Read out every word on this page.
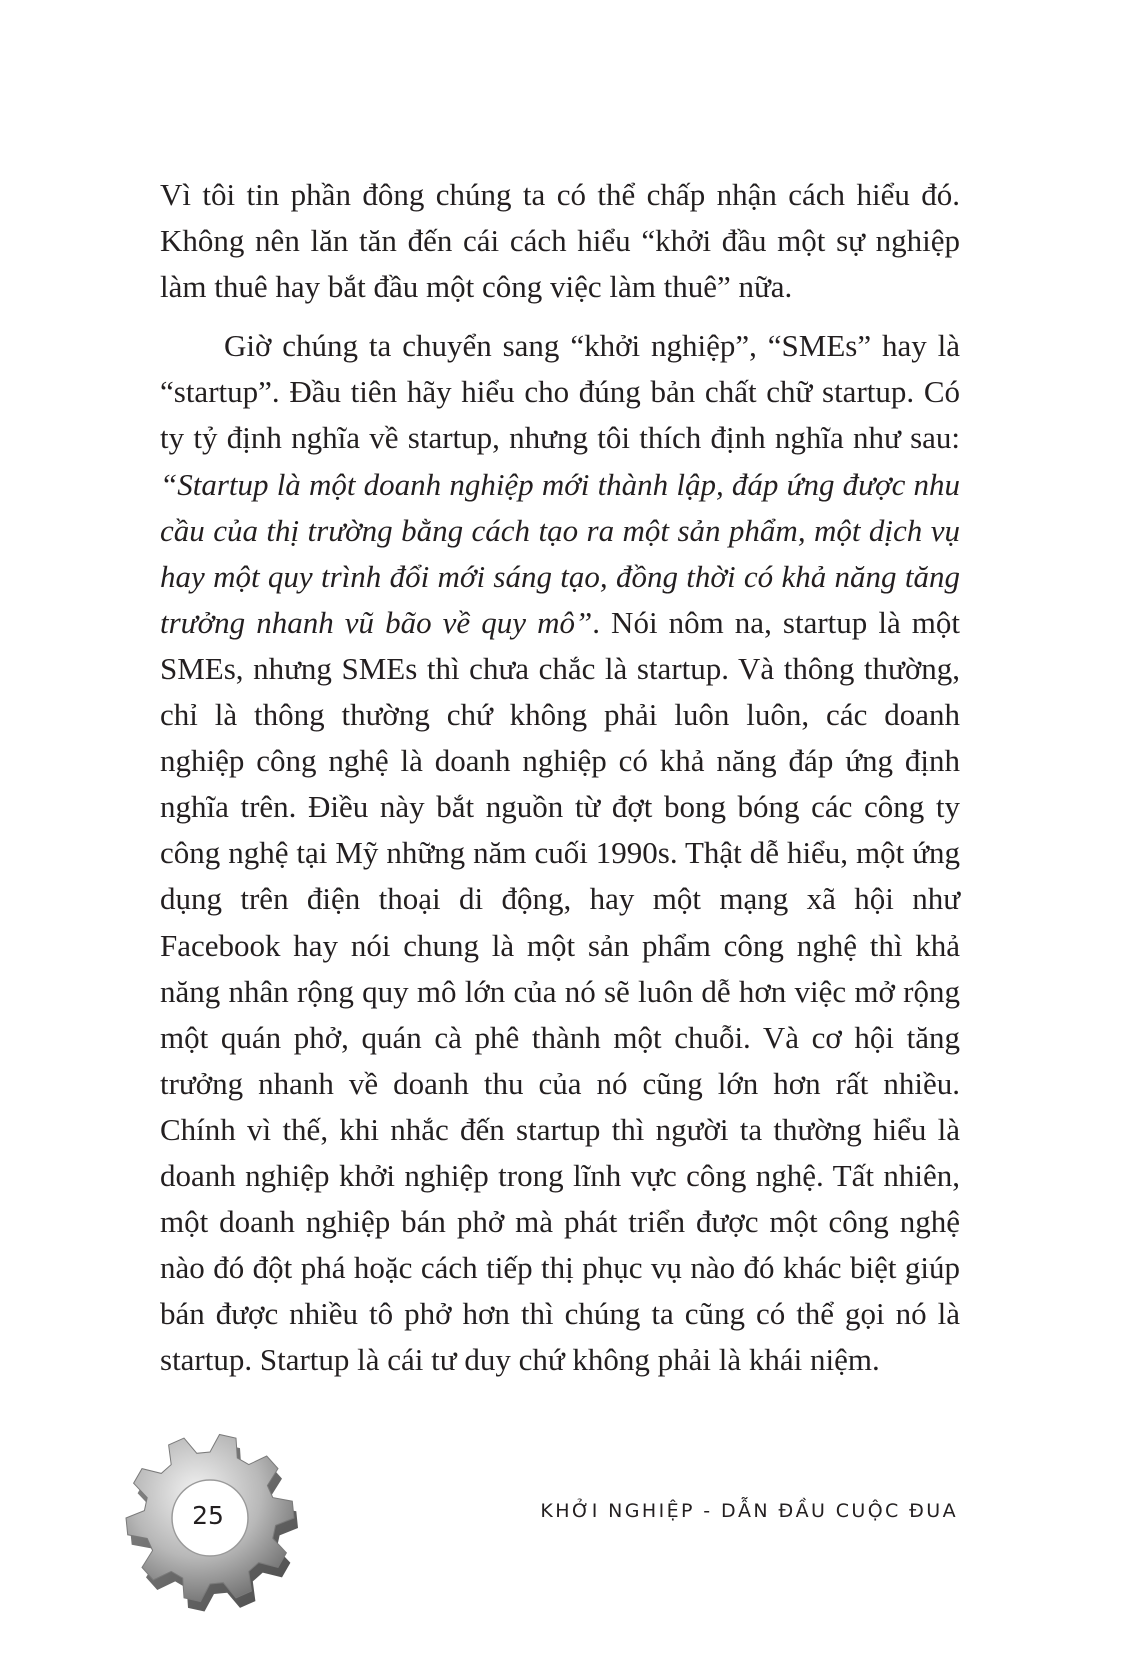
Vì tôi tin phần đông chúng ta có thể chấp nhận cách hiểu đó. Không nên lăn tăn đến cái cách hiểu “khởi đầu một sự nghiệp làm thuê hay bắt đầu một công việc làm thuê” nữa.

Giờ chúng ta chuyển sang “khởi nghiệp”, “SMEs” hay là “startup”. Đầu tiên hãy hiểu cho đúng bản chất chữ startup. Có ty tỷ định nghĩa về startup, nhưng tôi thích định nghĩa như sau: “Startup là một doanh nghiệp mới thành lập, đáp ứng được nhu cầu của thị trường bằng cách tạo ra một sản phẩm, một dịch vụ hay một quy trình đổi mới sáng tạo, đồng thời có khả năng tăng trưởng nhanh vũ bão về quy mô”. Nói nôm na, startup là một SMEs, nhưng SMEs thì chưa chắc là startup. Và thông thường, chỉ là thông thường chứ không phải luôn luôn, các doanh nghiệp công nghệ là doanh nghiệp có khả năng đáp ứng định nghĩa trên. Điều này bắt nguồn từ đợt bong bóng các công ty công nghệ tại Mỹ những năm cuối 1990s. Thật dễ hiểu, một ứng dụng trên điện thoại di động, hay một mạng xã hội như Facebook hay nói chung là một sản phẩm công nghệ thì khả năng nhân rộng quy mô lớn của nó sẽ luôn dễ hơn việc mở rộng một quán phở, quán cà phê thành một chuỗi. Và cơ hội tăng trưởng nhanh về doanh thu của nó cũng lớn hơn rất nhiều. Chính vì thế, khi nhắc đến startup thì người ta thường hiểu là doanh nghiệp khởi nghiệp trong lĩnh vực công nghệ. Tất nhiên, một doanh nghiệp bán phở mà phát triển được một công nghệ nào đó đột phá hoặc cách tiếp thị phục vụ nào đó khác biệt giúp bán được nhiều tô phở hơn thì chúng ta cũng có thể gọi nó là startup. Startup là cái tư duy chứ không phải là khái niệm.

25	KHỞI NGHIỆP - DẪN ĐẦU CUỘC ĐUA
